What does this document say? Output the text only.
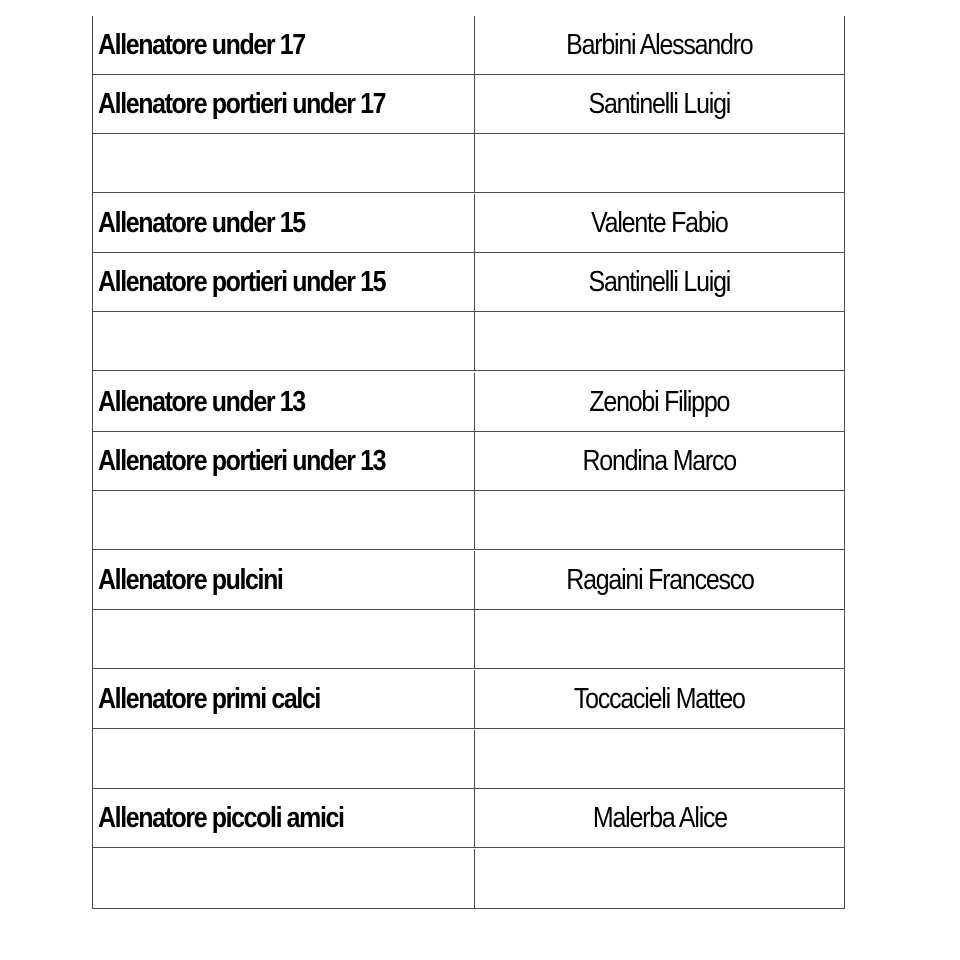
Allenatore under 17	Barbini Alessandro
Allenatore portieri under 17	Santinelli Luigi
Allenatore under 15	Valente Fabio
Allenatore portieri under 15	Santinelli Luigi
Allenatore under 13	Zenobi Filippo
Allenatore portieri under 13	Rondina Marco
Allenatore pulcini	Ragaini Francesco
Allenatore primi calci	Toccacieli Matteo
Allenatore piccoli amici	Malerba Alice
